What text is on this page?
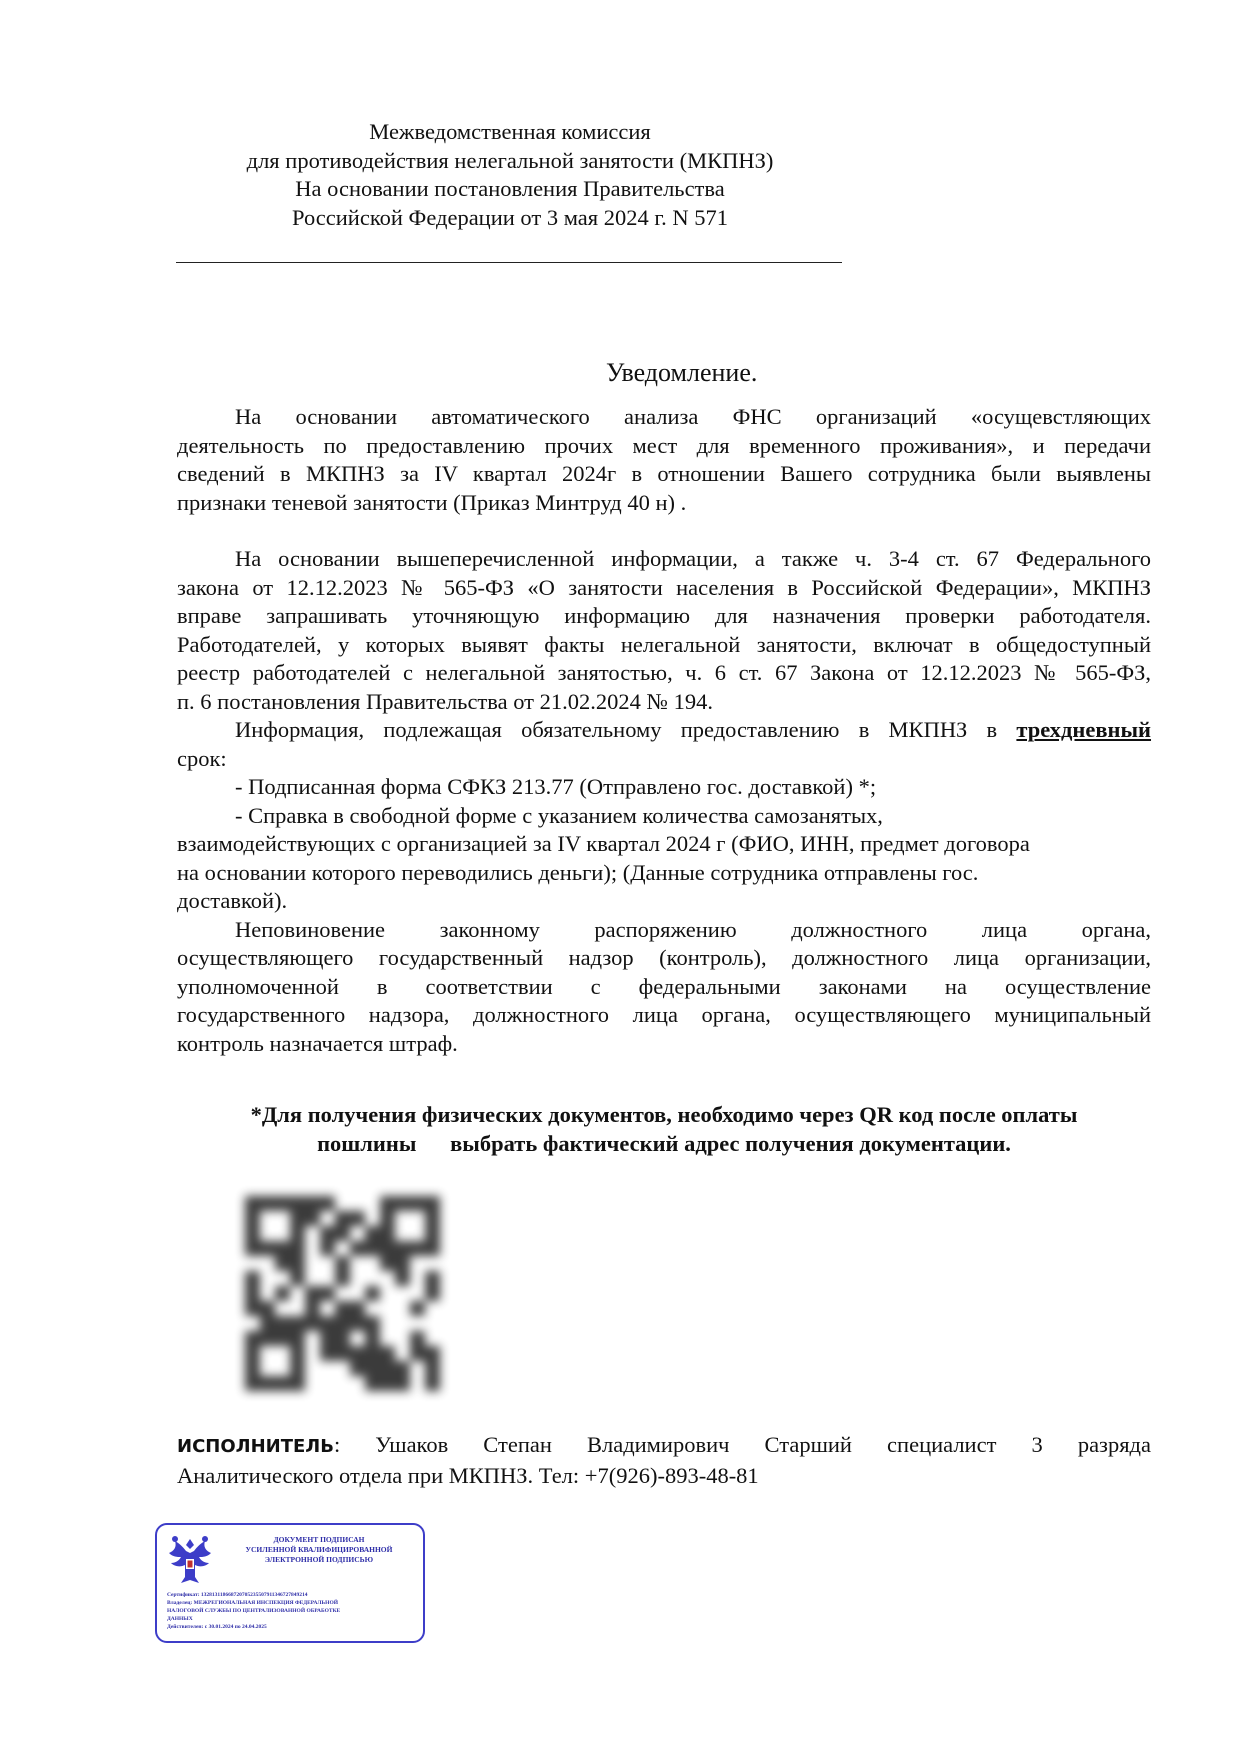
Межведомственная комиссия
для противодействия нелегальной занятости (МКПНЗ)
На основании постановления Правительства
Российской Федерации от 3 мая 2024 г. N 571
Уведомление.
На основании автоматического анализа ФНС организаций «осущевстляющих
деятельность по предоставлению прочих мест для временного проживания», и передачи
сведений в МКПНЗ за IV квартал 2024г в отношении Вашего сотрудника были выявлены
признаки теневой занятости (Приказ Минтруд 40 н) .
На основании вышеперечисленной информации, а также ч. 3-4 ст. 67 Федерального
закона от 12.12.2023 № 565-ФЗ «О занятости населения в Российской Федерации», МКПНЗ
вправе запрашивать уточняющую информацию для назначения проверки работодателя.
Работодателей, у которых выявят факты нелегальной занятости, включат в общедоступный
реестр работодателей с нелегальной занятостью, ч. 6 ст. 67 Закона от 12.12.2023 № 565-ФЗ,
п. 6 постановления Правительства от 21.02.2024 № 194.
Информация, подлежащая обязательному предоставлению в МКПНЗ в трехдневный
срок:
- Подписанная форма СФКЗ 213.77 (Отправлено гос. доставкой) *;
- Справка в свободной форме с указанием количества самозанятых,
взаимодействующих с организацией за IV квартал 2024 г (ФИО, ИНН, предмет договора
на основании которого переводились деньги); (Данные сотрудника отправлены гос.
доставкой).
Неповиновение законному распоряжению должностного лица органа,
осуществляющего государственный надзор (контроль), должностного лица организации,
уполномоченной в соответствии с федеральными законами на осуществление
государственного надзора, должностного лица органа, осуществляющего муниципальный
контроль назначается штраф.
*Для получения физических документов, необходимо через QR код после оплаты
пошлины      выбрать фактический адрес получения документации.
ИСПОЛНИТЕЛЬ: Ушаков Степан Владимирович Старший специалист 3 разряда
Аналитического отдела при МКПНЗ. Тел: +7(926)-893-48-81
ДОКУМЕНТ ПОДПИСАН
УСИЛЕННОЙ КВАЛИФИЦИРОВАННОЙ
ЭЛЕКТРОННОЙ ПОДПИСЬЮ
Сертификат: 132813118668720705235507911346727849214
Владелец: МЕЖРЕГИОНАЛЬНАЯ ИНСПЕКЦИЯ ФЕДЕРАЛЬНОЙ
НАЛОГОВОЙ СЛУЖБЫ ПО ЦЕНТРАЛИЗОВАННОЙ ОБРАБОТКЕ
ДАННЫХ
Действителен: с 30.01.2024 по 24.04.2025
